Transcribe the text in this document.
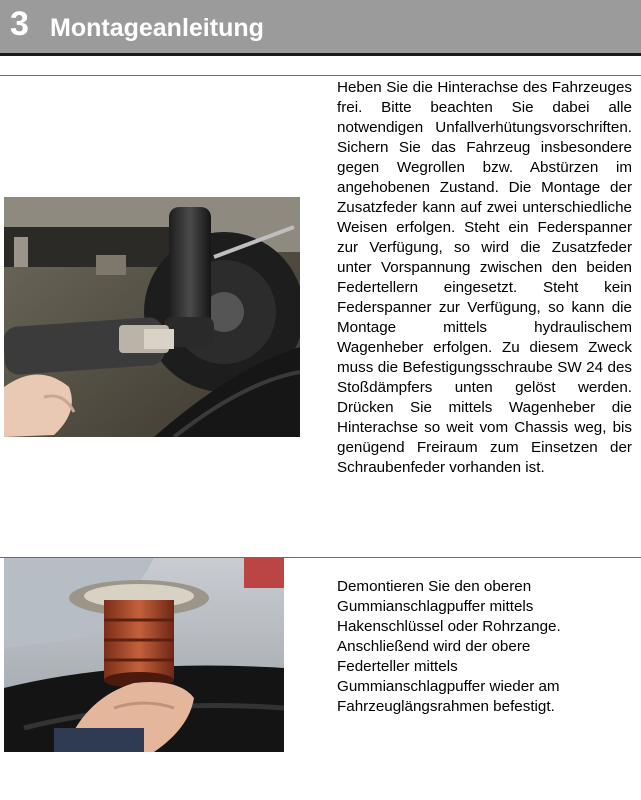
3 Montageanleitung
Heben Sie die Hinterachse des Fahrzeuges frei. Bitte beachten Sie dabei alle notwendigen Unfallverhütungsvorschriften. Sichern Sie das Fahrzeug insbesondere gegen Wegrollen bzw. Abstürzen im angehobenen Zustand. Die Montage der Zusatzfeder kann auf zwei unterschiedliche Weisen erfolgen. Steht ein Federspanner zur Verfügung, so wird die Zusatzfeder unter Vorspannung zwischen den beiden Federtellern eingesetzt. Steht kein Federspanner zur Verfügung, so kann die Montage mittels hydraulischem Wagenheber erfolgen. Zu diesem Zweck muss die Befestigungsschraube SW 24 des Stoßdämpfers unten gelöst werden. Drücken Sie mittels Wagenheber die Hinterachse so weit vom Chassis weg, bis genügend Freiraum zum Einsetzen der Schraubenfeder vorhanden ist.
Demontieren Sie den oberen
Gummianschlagpuffer mittels
Hakenschlüssel oder Rohrzange.
Anschließend wird der obere
Federteller mittels
Gummianschlagpuffer wieder am
Fahrzeuglängsrahmen befestigt.
